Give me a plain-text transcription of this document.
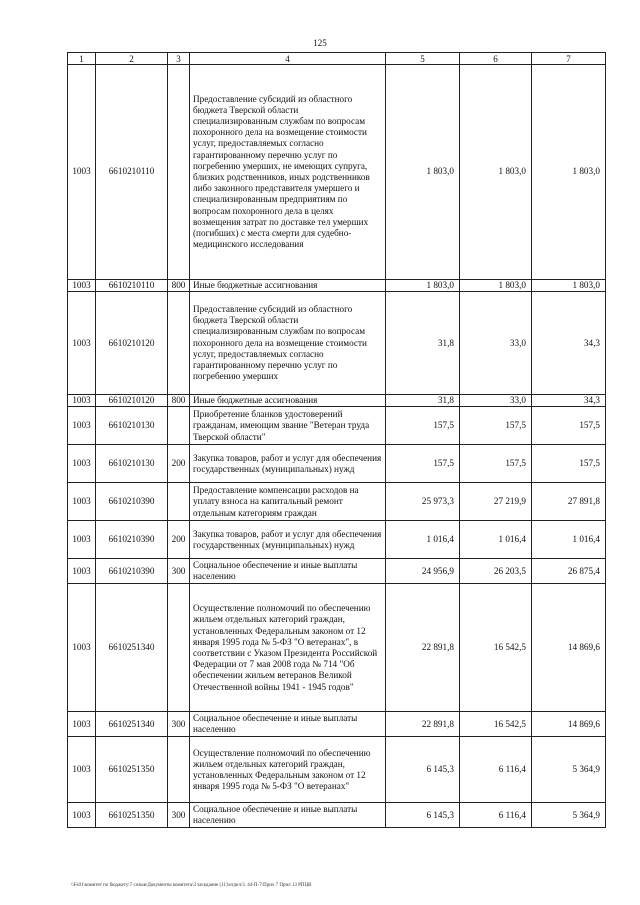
125
1	2	3	4	5	6	7
1003	6610210110		Предоставление субсидий из областного бюджета Тверской области специализированным службам по вопросам похоронного дела на возмещение стоимости услуг, предоставляемых согласно гарантированному перечню услуг по погребению умерших, не имеющих супруга, близких родственников, иных родственников либо законного представителя умершего и специализированным предприятиям по вопросам похоронного дела в целях возмещения затрат по доставке тел умерших (погибших) с места смерти для судебно-медицинского исследования	1 803,0	1 803,0	1 803,0
1003	6610210110	800	Иные бюджетные ассигнования	1 803,0	1 803,0	1 803,0
1003	6610210120		Предоставление субсидий из областного бюджета Тверской области специализированным службам по вопросам похоронного дела на возмещение стоимости услуг, предоставляемых согласно гарантированному перечню услуг по погребению умерших	31,8	33,0	34,3
1003	6610210120	800	Иные бюджетные ассигнования	31,8	33,0	34,3
1003	6610210130		Приобретение бланков удостоверений гражданам, имеющим звание "Ветеран труда Тверской области"	157,5	157,5	157,5
1003	6610210130	200	Закупка товаров, работ и услуг для обеспечения государственных (муниципальных) нужд	157,5	157,5	157,5
1003	6610210390		Предоставление компенсации расходов на уплату взноса на капитальный ремонт отдельным категориям граждан	25 973,3	27 219,9	27 891,8
1003	6610210390	200	Закупка товаров, работ и услуг для обеспечения государственных (муниципальных) нужд	1 016,4	1 016,4	1 016,4
1003	6610210390	300	Социальное обеспечение и иные выплаты населению	24 956,9	26 203,5	26 875,4
1003	6610251340		Осуществление полномочий по обеспечению жильем отдельных категорий граждан, установленных Федеральным законом от 12 января 1995 года № 5-ФЗ "О ветеранах", в соответствии с Указом Президента Российской Федерации от 7 мая 2008 года № 714 "Об обеспечении жильем ветеранов Великой Отечественной войны 1941 - 1945 годов"	22 891,8	16 542,5	14 869,6
1003	6610251340	300	Социальное обеспечение и иные выплаты населению	22 891,8	16 542,5	14 869,6
1003	6610251350		Осуществление полномочий по обеспечению жильем отдельных категорий граждан, установленных Федеральным законом от 12 января 1995 года № 5-ФЗ "О ветеранах"	6 145,3	6 116,4	5 364,9
1003	6610251350	300	Социальное обеспечение и иные выплаты населению	6 145,3	6 116,4	5 364,9
\\Fs01\комитет по бюджету\7 созыв\Документы комитета\3 заседание (11)\отдел\3. 44-П-7\Прил 7 Прил 13 РПЦВ
